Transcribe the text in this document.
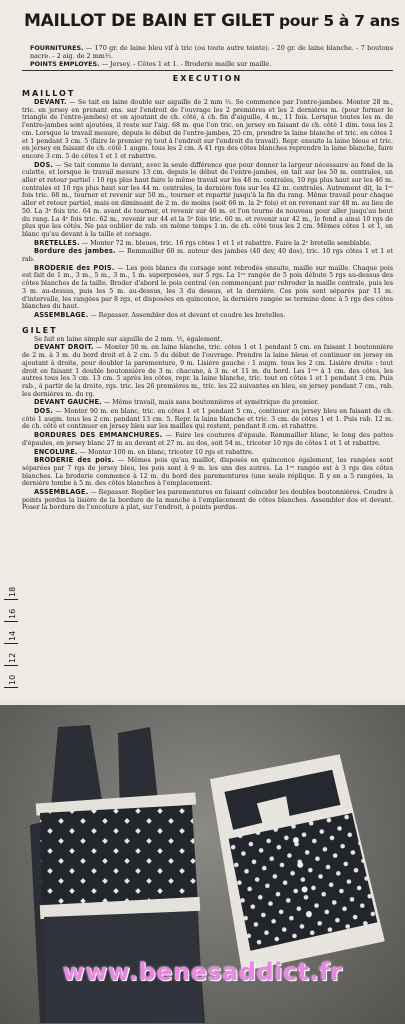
MAILLOT DE BAIN ET GILET pour 5 à 7 ans
FOURNITURES. — 170 gr. de laine bleu vif à tric (ou toute autre teinte). - 20 gr. de laine blanche. - 7 boutons nacre. - 2 aig. de 2 mm½.
POINTS EMPLOYES. — Jersey. - Côtes 1 et 1. - Broderie maille sur maille.
EXECUTION
MAILLOT
DEVANT. — Se tait en laine double sur aiguille de 2 mm ½. Se commence par l'entre-jambes. Monter 28 m., tric. en jersey en prenant ens. sur l'endroit de l'ouvrage les 2 premières et les 2 dernières m. (pour former le triangle de l'entre-jambes) et en ajoutant de ch. côté, à ch. fin d'aiguille, 4 m., 11 fois. Lorsque toutes les m. de l'entre-jambes sont ajoutées, il reste sur l'aig. 68 m. que l'on tric. en jersey en faisant de ch. côté 1 dim. tous les 2 cm. Lorsque le travail mesure, depuis le début de l'entre-jambes, 25 cm, prendre la laine blanche et tric. en côtes 1 et 1 pendant 3 cm. 5 (faire le premier rg tout à l'endroit sur l'endroit du travail). Repr. ensuite la laine bleue et tric. en jersey en faisant de ch. côté 1 augm. tous les 2 cm. A 41 rgs des côtes blanches reprendre la laine blanche, faire encore 3 cm. 5 de côtes 1 et 1 et rabattre.
DOS. — Se tait comme le devant, avec la seule différence que pour donner la largeur nécessaire au fond de la culotte, et lorsque le travail mesure 13 cm. depuis le début de l'entre-jambes, on tait sur les 50 m. centrales, un aller et retour partiel : 10 rgs plus haut faire le même travail sur les 48 m. centrales, 10 rgs plus haut sur les 46 m. centrales et 10 rgs plus haut sur les 44 m. centrales, la dernière fois sur les 42 m. centrales. Autrement dit, la 1ʳᵉ fois tric. 68 m., tourner et revenir sur 50 m., tourner et repartir jusqu'à la fin du rang. Même travail pour chaque aller et retour partiel, mais en diminuant de 2 m. de moins (soit 66 m. la 2ᵉ fois) et en revenant sur 48 m. au lieu de 50. La 3ᵉ fois tric. 64 m. avant de tourner, et revenir sur 46 m. et l'on tourne de nouveau pour aller jusqu'au bout du rang. La 4ᵉ fois tric. 62 m., revenir sur 44 et la 5ᵉ fois tric. 60 m. et revenir sur 42 m., le fond a ainsi 10 rgs de plus que les côtés. Ne pas oublier de rab. en même temps 1 m. de ch. côté tous les 2 cm. Mêmes côtes 1 et 1, en blanc qu'au devant à la taille et corsage.
BRETELLES. — Monter 72 m. bleues, tric. 16 rgs côtes 1 et 1 et rabattre. Faire la 2ᵉ bretelle semblable.
Bordure des jambes. — Remmailler 60 m. autour des jambes (40 dev, 40 dos), tric. 10 rgs côtes 1 et 1 et rab.
BRODERIE des POIS. — Les pois blancs du corsage sont rebrodés ensuite, maille sur maille. Chaque pois est fait de 1 m., 3 m., 5 m., 3 m., 1 m. superposées, sur 5 rgs. La 1ʳᵉ rangée de 5 pois débute 5 rgs au-dessus des côtes blanches de la taille. Broder d'abord le pois central (en commençant par rebroder la maille centrale, puis les 3 m. au-dessus, puis les 5 m. au-dessus, les 3 du dessus, et la dernière. Ces pois sont séparés par 11 m. d'intervalle, les rangées par 8 rgs, et disposées en quinconce, la dernière rangée se termine donc à 5 rgs des côtes blanches du haut.
ASSEMBLAGE. — Repasser. Assembler dos et devant et coudre les bretelles.
GILET
Se fait en laine simple sur aiguille de 2 mm. ½, également.
DEVANT DROIT. — Monter 50 m. en laine blanche, tric. côtes 1 et 1 pendant 5 cm. en faisant 1 boutonnière de 2 m. à 3 m. du bord droit et à 2 cm. 5 du début de l'ouvrage. Prendre la laine bleue et continuer en jersey en ajoutant à droite, pour doubler la parementure, 9 m. Lisière gauche : 1 augm. tous les 2 cm. Lisière droite : tout droit en faisant 1 double boutonnière de 3 m. chacune, à 3 m. et 11 m. du bord. Les 1ʳᵉˢ à 1 cm. des côtes, les autres tous les 3 cm. 13 cm. 5 après les côtes, repr. la laine blanche, tric. tout en côtes 1 et 1 pendant 3 cm. Puis rab., à partir de la droite, rgs. tric. les 26 premières m., tric. les 22 suivantes en bleu, en jersey pendant 7 cm., rab. les dernières m. du rg.
DEVANT GAUCHE. — Même travail, mais sans boutonnières et symétrique du premier.
DOS. — Monter 90 m. en blanc, tric. en côtes 1 et 1 pendant 5 cm., continuer en jersey bleu en faisant de ch. côté 1 augm. tous les 2 cm. pendant 13 cm. 5. Repr. la laine blanche et tric. 3 cm. de côtes 1 et 1. Puis rab. 12 m. de ch. côté et continuer en jersey bleu sur les mailles qui restent, pendant 8 cm. et rabattre.
BORDURES DES EMMANCHURES. — Faire les coutures d'épaule. Remmailler blanc, le long des pattes d'épaules, en jersey blanc 27 m au devant et 27 m. au dos, soit 54 m., tricoter 10 rgs de côtes 1 et 1 et rabattre.
ENCOLURE. — Monter 100 m. en blanc, tricoter 10 rgs et rabattre.
BRODERIE des pois. — Mêmes pois qu'au maillot, disposés en quinconce également, les rangées sont séparées par 7 rgs de jersey bleu, les pois sont à 9 m. les uns des autres. La 1ʳᵉ rangée est à 3 rgs des côtes blanches. La broderie commence à 12 m. du bord des parementures (une seule réplique. Il y en a 5 rangées, la dernière tombe à 5 m. des côtes blanches à l'emplacement.
ASSEMBLAGE. — Repasser. Replier les parementures en faisant coïncider les doubles boutonnières. Coudre à points perdus la lisière de la bordure de la manche à l'emplacement de côtes blanches. Assembler dos et devant. Poser la bordure de l'encolure à plat, sur l'endroit, à points perdus.
10
12
14
16
18
www.benesaddict.fr
